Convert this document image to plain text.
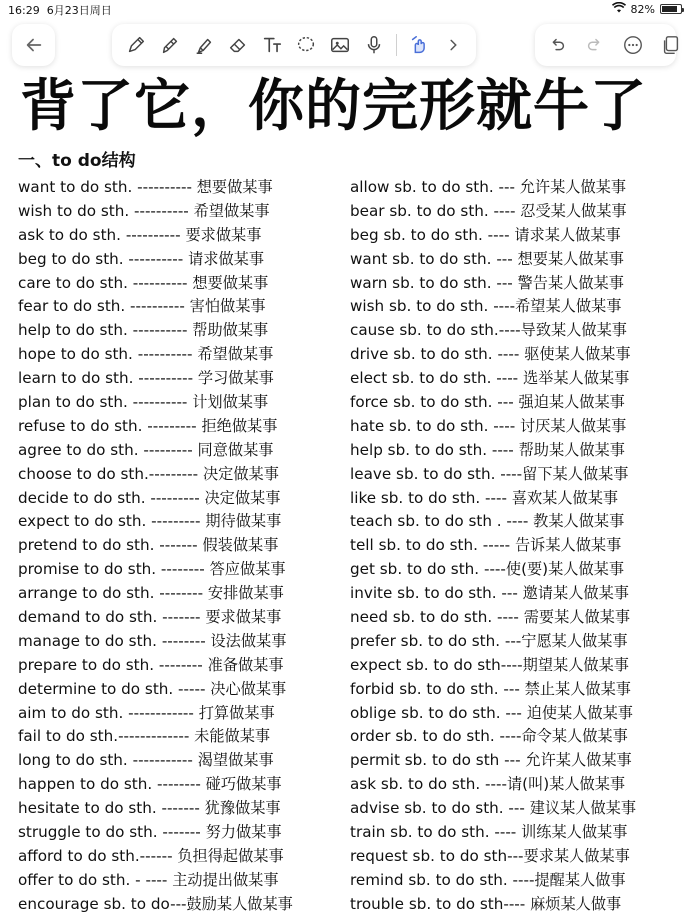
16:29 6月23日周日	82%
背了它，你的完形就牛了
一、to do结构
want to do sth. ---------- 想要做某事	allow sb. to do sth. --- 允许某人做某事
wish to do sth. ---------- 希望做某事	bear sb. to do sth. ---- 忍受某人做某事
ask to do sth. ---------- 要求做某事	beg sb. to do sth. ---- 请求某人做某事
beg to do sth. ---------- 请求做某事	want sb. to do sth. --- 想要某人做某事
care to do sth. ---------- 想要做某事	warn sb. to do sth. --- 警告某人做某事
fear to do sth. ---------- 害怕做某事	wish sb. to do sth. ----希望某人做某事
help to do sth. ---------- 帮助做某事	cause sb. to do sth.----导致某人做某事
hope to do sth. ---------- 希望做某事	drive sb. to do sth. ---- 驱使某人做某事
learn to do sth. ---------- 学习做某事	elect sb. to do sth. ---- 选举某人做某事
plan to do sth. ---------- 计划做某事	force sb. to do sth. --- 强迫某人做某事
refuse to do sth. --------- 拒绝做某事	hate sb. to do sth. ---- 讨厌某人做某事
agree to do sth. --------- 同意做某事	help sb. to do sth. ---- 帮助某人做某事
choose to do sth.--------- 决定做某事	leave sb. to do sth. ----留下某人做某事
decide to do sth. --------- 决定做某事	like sb. to do sth. ---- 喜欢某人做某事
expect to do sth. --------- 期待做某事	teach sb. to do sth . ---- 教某人做某事
pretend to do sth. ------- 假装做某事	tell sb. to do sth. ----- 告诉某人做某事
promise to do sth. -------- 答应做某事	get sb. to do sth. ----使(要)某人做某事
arrange to do sth. -------- 安排做某事	invite sb. to do sth. --- 邀请某人做某事
demand to do sth. ------- 要求做某事	need sb. to do sth. ---- 需要某人做某事
manage to do sth. -------- 设法做某事	prefer sb. to do sth. ---宁愿某人做某事
prepare to do sth. -------- 准备做某事	expect sb. to do sth----期望某人做某事
determine to do sth. ----- 决心做某事	forbid sb. to do sth. --- 禁止某人做某事
aim to do sth. ------------ 打算做某事	oblige sb. to do sth. --- 迫使某人做某事
fail to do sth.------------- 未能做某事	order sb. to do sth. ----命令某人做某事
long to do sth. ----------- 渴望做某事	permit sb. to do sth --- 允许某人做某事
happen to do sth. -------- 碰巧做某事	ask sb. to do sth. ----请(叫)某人做某事
hesitate to do sth. ------- 犹豫做某事	advise sb. to do sth. --- 建议某人做某事
struggle to do sth. ------- 努力做某事	train sb. to do sth. ---- 训练某人做某事
afford to do sth.------ 负担得起做某事	request sb. to do sth---要求某人做某事
offer to do sth. - ---- 主动提出做某事	remind sb. to do sth. ----提醒某人做事
encourage sb. to do---鼓励某人做某事	trouble sb. to do sth---- 麻烦某人做事
